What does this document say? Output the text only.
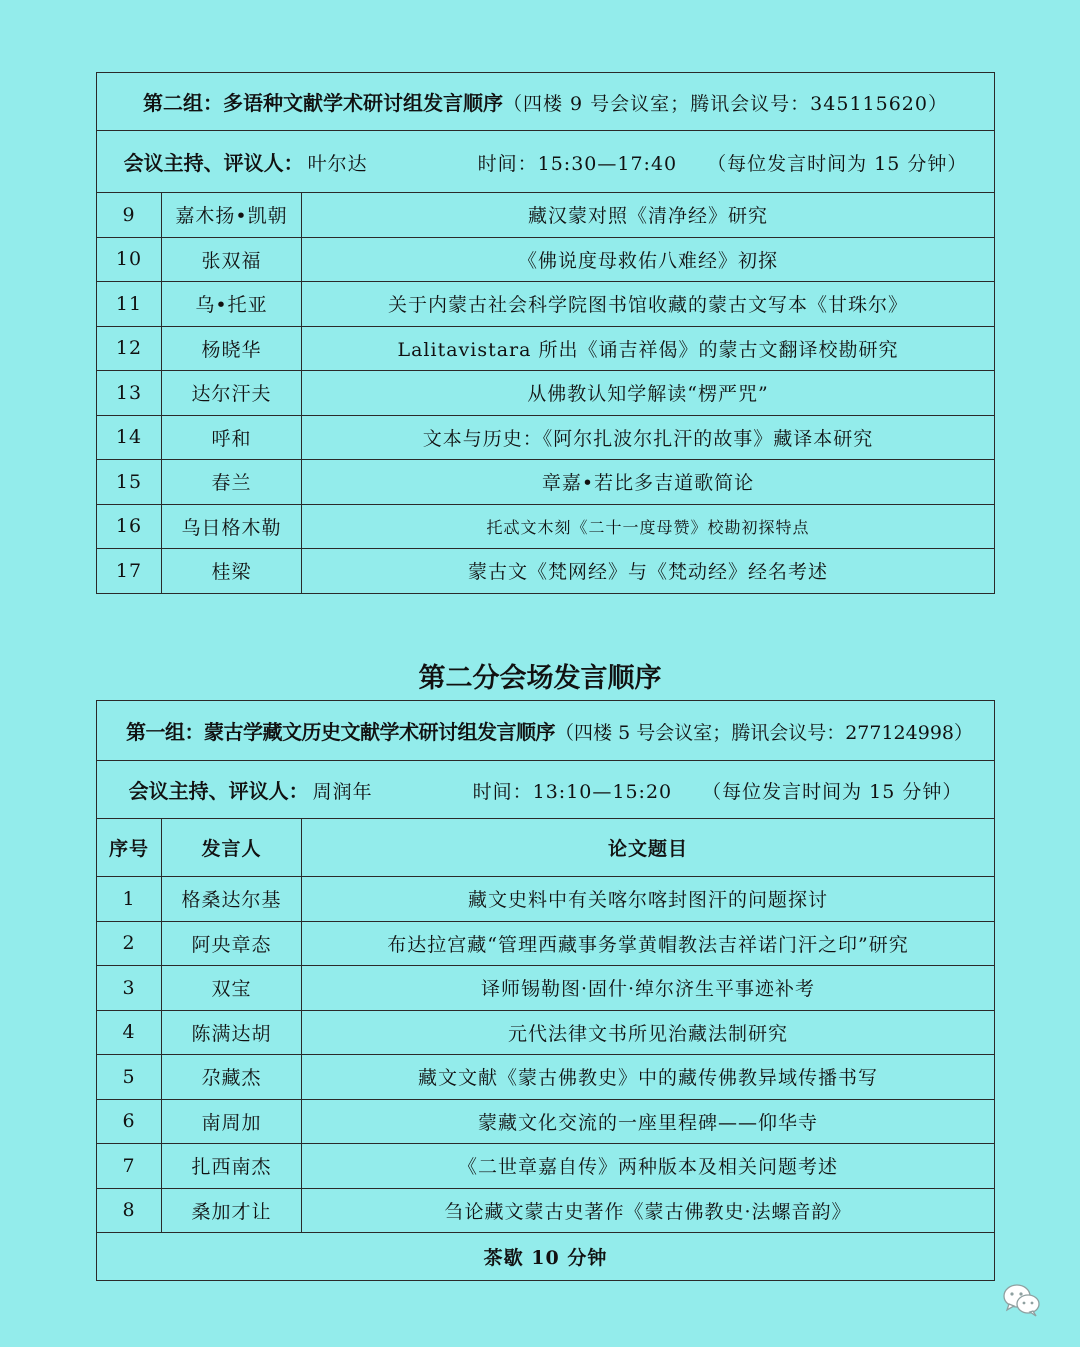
第二组：多语种文献学术研讨组发言顺序（四楼 9 号会议室；腾讯会议号：345115620）		
会议主持、评议人： 叶尔达 时间：15:30—17:40 （每位发言时间为 15 分钟）		
9	嘉木扬•凯朝	藏汉蒙对照《清净经》研究
10	张双福	《佛说度母救佑八难经》初探
11	乌•托亚	关于内蒙古社会科学院图书馆收藏的蒙古文写本《甘珠尔》
12	杨晓华	Lalitavistara 所出《诵吉祥偈》的蒙古文翻译校勘研究
13	达尔汗夫	从佛教认知学解读“楞严咒”
14	呼和	文本与历史：《阿尔扎波尔扎汗的故事》藏译本研究
15	春兰	章嘉•若比多吉道歌简论
16	乌日格木勒	托忒文木刻《二十一度母赞》校勘初探特点
17	桂梁	蒙古文《梵网经》与《梵动经》经名考述
第二分会场发言顺序
第一组：蒙古学藏文历史文献学术研讨组发言顺序（四楼 5 号会议室；腾讯会议号：277124998）		
会议主持、评议人： 周润年 时间：13:10—15:20 （每位发言时间为 15 分钟）		
序号	发言人	论文题目
1	格桑达尔基	藏文史料中有关喀尔喀封图汗的问题探讨
2	阿央章态	布达拉宫藏“管理西藏事务掌黄帽教法吉祥诺门汗之印”研究
3	双宝	译师锡勒图·固什·绰尔济生平事迹补考
4	陈满达胡	元代法律文书所见治藏法制研究
5	尕藏杰	藏文文献《蒙古佛教史》中的藏传佛教异域传播书写
6	南周加	蒙藏文化交流的一座里程碑——仰华寺
7	扎西南杰	《二世章嘉自传》两种版本及相关问题考述
8	桑加才让	刍论藏文蒙古史著作《蒙古佛教史·法螺音韵》
茶歇 10 分钟		
